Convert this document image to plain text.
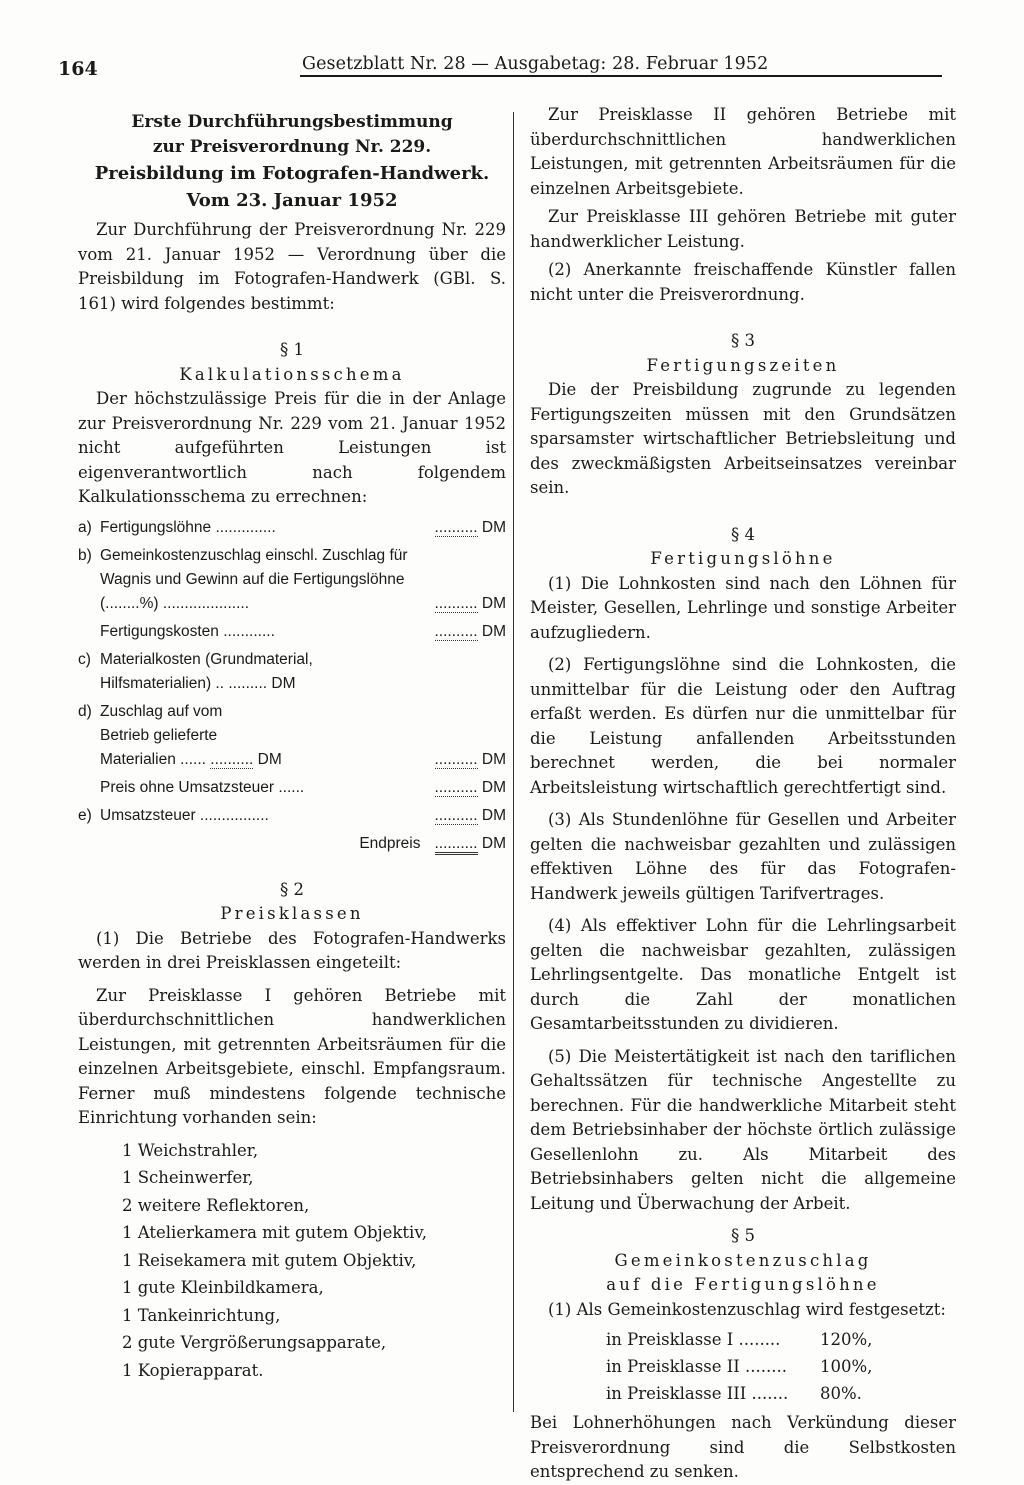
164	Gesetzblatt Nr. 28 — Ausgabetag: 28. Februar 1952
Erste Durchführungsbestimmung
zur Preisverordnung Nr. 229.
Preisbildung im Fotografen-Handwerk.
Vom 23. Januar 1952

Zur Durchführung der Preisverordnung Nr. 229 vom 21. Januar 1952 — Verordnung über die Preisbildung im Fotografen-Handwerk (GBl. S. 161) wird folgendes bestimmt:

§ 1
Kalkulationsschema

Der höchstzulässige Preis für die in der Anlage zur Preisverordnung Nr. 229 vom 21. Januar 1952 nicht aufgeführten Leistungen ist eigenverantwortlich nach folgendem Kalkulationsschema zu errechnen:

a) Fertigungslöhne ..............	.......... DM
b) Gemeinkostenzuschlag einschl. Zuschlag für Wagnis und Gewinn auf die Fertigungslöhne
(........%) ....................	.......... DM
Fertigungskosten ............	.......... DM
c) Materialkosten (Grundmaterial, Hilfsmaterialien) .. ......... DM
d) Zuschlag auf vom
Betrieb gelieferte
Materialien ...... .......... DM	.......... DM
Preis ohne Umsatzsteuer ......	.......... DM
e) Umsatzsteuer ................	.......... DM
Endpreis .......... DM
§ 2
Preisklassen

(1) Die Betriebe des Fotografen-Handwerks werden in drei Preisklassen eingeteilt:

Zur Preisklasse I gehören Betriebe mit überdurchschnittlichen handwerklichen Leistungen, mit getrennten Arbeitsräumen für die einzelnen Arbeitsgebiete, einschl. Empfangsraum. Ferner muß mindestens folgende technische Einrichtung vorhanden sein:

1 Weichstrahler,
1 Scheinwerfer,
2 weitere Reflektoren,
1 Atelierkamera mit gutem Objektiv,
1 Reisekamera mit gutem Objektiv,
1 gute Kleinbildkamera,
1 Tankeinrichtung,
2 gute Vergrößerungsapparate,
1 Kopierapparat.

Zur Preisklasse II gehören Betriebe mit überdurchschnittlichen handwerklichen Leistungen, mit getrennten Arbeitsräumen für die einzelnen Arbeitsgebiete.

Zur Preisklasse III gehören Betriebe mit guter handwerklicher Leistung.

(2) Anerkannte freischaffende Künstler fallen nicht unter die Preisverordnung.

§ 3
Fertigungszeiten

Die der Preisbildung zugrunde zu legenden Fertigungszeiten müssen mit den Grundsätzen sparsamster wirtschaftlicher Betriebsleitung und des zweckmäßigsten Arbeitseinsatzes vereinbar sein.

§ 4
Fertigungslöhne

(1) Die Lohnkosten sind nach den Löhnen für Meister, Gesellen, Lehrlinge und sonstige Arbeiter aufzugliedern.

(2) Fertigungslöhne sind die Lohnkosten, die unmittelbar für die Leistung oder den Auftrag erfaßt werden. Es dürfen nur die unmittelbar für die Leistung anfallenden Arbeitsstunden berechnet werden, die bei normaler Arbeitsleistung wirtschaftlich gerechtfertigt sind.

(3) Als Stundenlöhne für Gesellen und Arbeiter gelten die nachweisbar gezahlten und zulässigen effektiven Löhne des für das Fotografen-Handwerk jeweils gültigen Tarifvertrages.

(4) Als effektiver Lohn für die Lehrlingsarbeit gelten die nachweisbar gezahlten, zulässigen Lehrlingsentgelte. Das monatliche Entgelt ist durch die Zahl der monatlichen Gesamtarbeitsstunden zu dividieren.

(5) Die Meistertätigkeit ist nach den tariflichen Gehaltssätzen für technische Angestellte zu berechnen. Für die handwerkliche Mitarbeit steht dem Betriebsinhaber der höchste örtlich zulässige Gesellenlohn zu. Als Mitarbeit des Betriebsinhabers gelten nicht die allgemeine Leitung und Überwachung der Arbeit.

§ 5
Gemeinkostenzuschlag
auf die Fertigungslöhne

(1) Als Gemeinkostenzuschlag wird festgesetzt:

in Preisklasse I ........	120%,
in Preisklasse II ........	100%,
in Preisklasse III .......	80%.

Bei Lohnerhöhungen nach Verkündung dieser Preisverordnung sind die Selbstkosten entsprechend zu senken.
